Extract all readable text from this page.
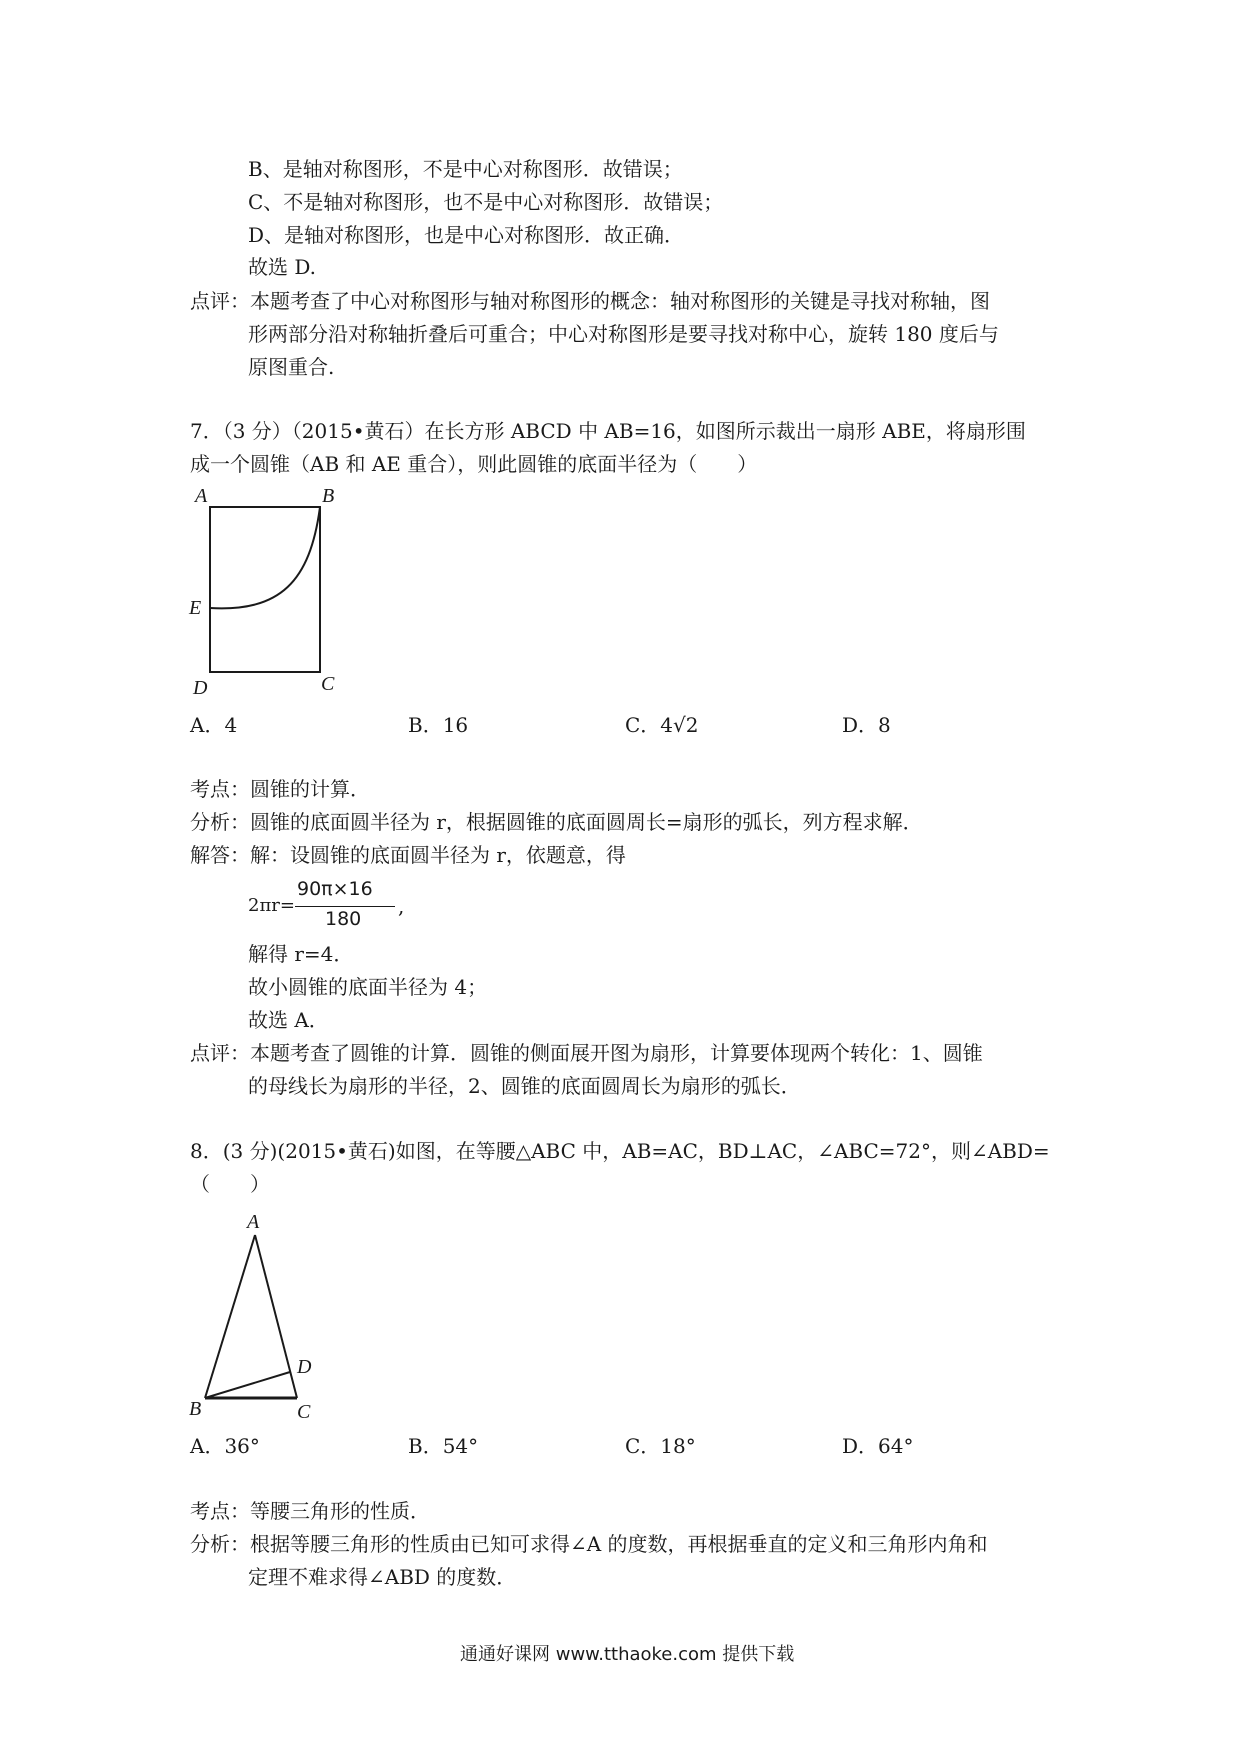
B、是轴对称图形，不是中心对称图形．故错误；
C、不是轴对称图形，也不是中心对称图形．故错误；
D、是轴对称图形，也是中心对称图形．故正确．
故选 D.
点评：本题考查了中心对称图形与轴对称图形的概念：轴对称图形的关键是寻找对称轴，图
形两部分沿对称轴折叠后可重合；中心对称图形是要寻找对称中心，旋转 180 度后与
原图重合.
7．（3 分）（2015•黄石）在长方形 ABCD 中 AB=16，如图所示裁出一扇形 ABE，将扇形围
成一个圆锥（AB 和 AE 重合），则此圆锥的底面半径为（　　）
A	B
E
D	C
A．4	B．16	C．4√2	D．8
考点：圆锥的计算．
分析：圆锥的底面圆半径为 r，根据圆锥的底面圆周长=扇形的弧长，列方程求解．
解答：解：设圆锥的底面圆半径为 r，依题意，得
2πr=
90π×16
180
,
解得 r=4．
故小圆锥的底面半径为 4；
故选 A．
点评：本题考查了圆锥的计算．圆锥的侧面展开图为扇形，计算要体现两个转化：1、圆锥
的母线长为扇形的半径，2、圆锥的底面圆周长为扇形的弧长．
8．(3 分)(2015•黄石)如图，在等腰△ABC 中，AB=AC，BD⊥AC，∠ABC=72°，则∠ABD=
（　　）
A
B	C
D
A．36°	B．54°	C．18°	D．64°
考点：等腰三角形的性质．
分析：根据等腰三角形的性质由已知可求得∠A 的度数，再根据垂直的定义和三角形内角和
定理不难求得∠ABD 的度数．
通通好课网 www.tthaoke.com 提供下载
